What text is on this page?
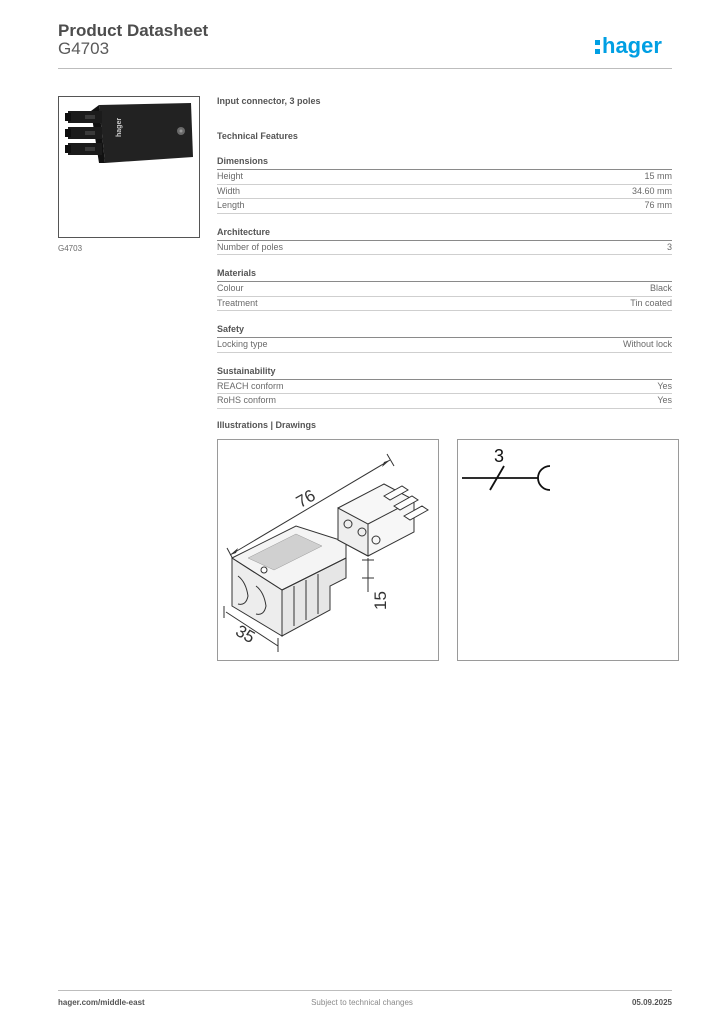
Product Datasheet
G4703	hager
hager
G4703
Input connector, 3 poles
Technical Features
Dimensions
Height	15 mm
Width	34.60 mm
Length	76 mm
Architecture
Number of poles	3
Materials
Colour	Black
Treatment	Tin coated
Safety
Locking type	Without lock
Sustainability
REACH conform	Yes
RoHS conform	Yes
Illustrations | Drawings
76
15
35
3
hager.com/middle-east	Subject to technical changes	05.09.2025
